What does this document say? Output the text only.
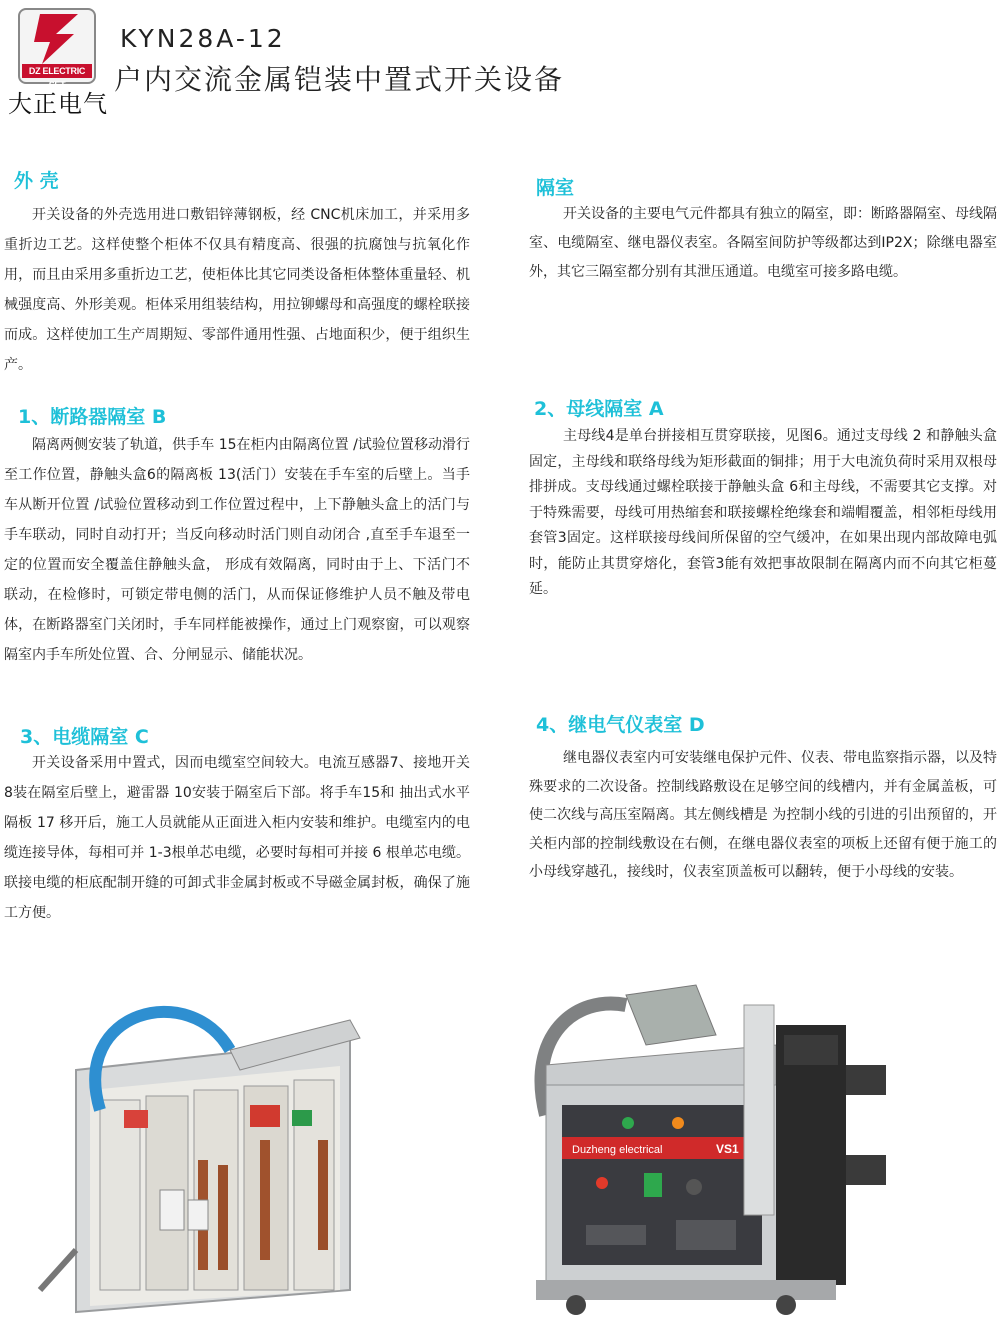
DZ ELECTRIC SET
大正电气
KYN28A-12
户内交流金属铠装中置式开关设备
外 壳
开关设备的外壳选用进口敷铝锌薄钢板，经 CNC机床加工，并采用多重折边工艺。这样使整个柜体不仅具有精度高、很强的抗腐蚀与抗氧化作用，而且由采用多重折边工艺，使柜体比其它同类设备柜体整体重量轻、机械强度高、外形美观。柜体采用组装结构，用拉铆螺母和高强度的螺栓联接而成。这样使加工生产周期短、零部件通用性强、占地面积少，便于组织生产。
1、断路器隔室 B
隔离两侧安装了轨道，供手车 15在柜内由隔离位置 /试验位置移动滑行至工作位置，静触头盒6的隔离板 13(活门）安装在手车室的后壁上。当手车从断开位置 /试验位置移动到工作位置过程中，上下静触头盒上的活门与手车联动，同时自动打开；当反向移动时活门则自动闭合 ,直至手车退至一定的位置而安全覆盖住静触头盒， 形成有效隔离，同时由于上、下活门不联动，在检修时，可锁定带电侧的活门，从而保证修维护人员不触及带电体，在断路器室门关闭时，手车同样能被操作，通过上门观察窗，可以观察隔室内手车所处位置、合、分闸显示、储能状况。
3、电缆隔室 C
开关设备采用中置式，因而电缆室空间较大。电流互感器7、接地开关 8装在隔室后壁上，避雷器 10安装于隔室后下部。将手车15和 抽出式水平隔板 17 移开后，施工人员就能从正面进入柜内安装和维护。电缆室内的电缆连接导体，每相可并 1-3根单芯电缆，必要时每相可并接 6 根单芯电缆。联接电缆的柜底配制开缝的可卸式非金属封板或不导磁金属封板，确保了施工方便。
隔室
开关设备的主要电气元件都具有独立的隔室，即：断路器隔室、母线隔室、电缆隔室、继电器仪表室。各隔室间防护等级都达到IP2X；除继电器室外，其它三隔室都分别有其泄压通道。电缆室可接多路电缆。
2、母线隔室 A
主母线4是单台拼接相互贯穿联接，见图6。通过支母线 2 和静触头盒固定，主母线和联络母线为矩形截面的铜排；用于大电流负荷时采用双根母排拼成。支母线通过螺栓联接于静触头盒 6和主母线，不需要其它支撑。对于特殊需要，母线可用热缩套和联接螺栓绝缘套和端帽覆盖，相邻柜母线用套管3固定。这样联接母线间所保留的空气缓冲，在如果出现内部故障电弧时，能防止其贯穿熔化，套管3能有效把事故限制在隔离内而不向其它柜蔓延。
4、继电气仪表室 D
继电器仪表室内可安装继电保护元件、仪表、带电监察指示器，以及特殊要求的二次设备。控制线路敷设在足够空间的线槽内，并有金属盖板，可使二次线与高压室隔离。其左侧线槽是 为控制小线的引进的引出预留的，开关柜内部的控制线敷设在右侧，在继电器仪表室的项板上还留有便于施工的小母线穿越孔，接线时，仪表室顶盖板可以翻转，便于小母线的安装。
Duzheng electrical	VS1
